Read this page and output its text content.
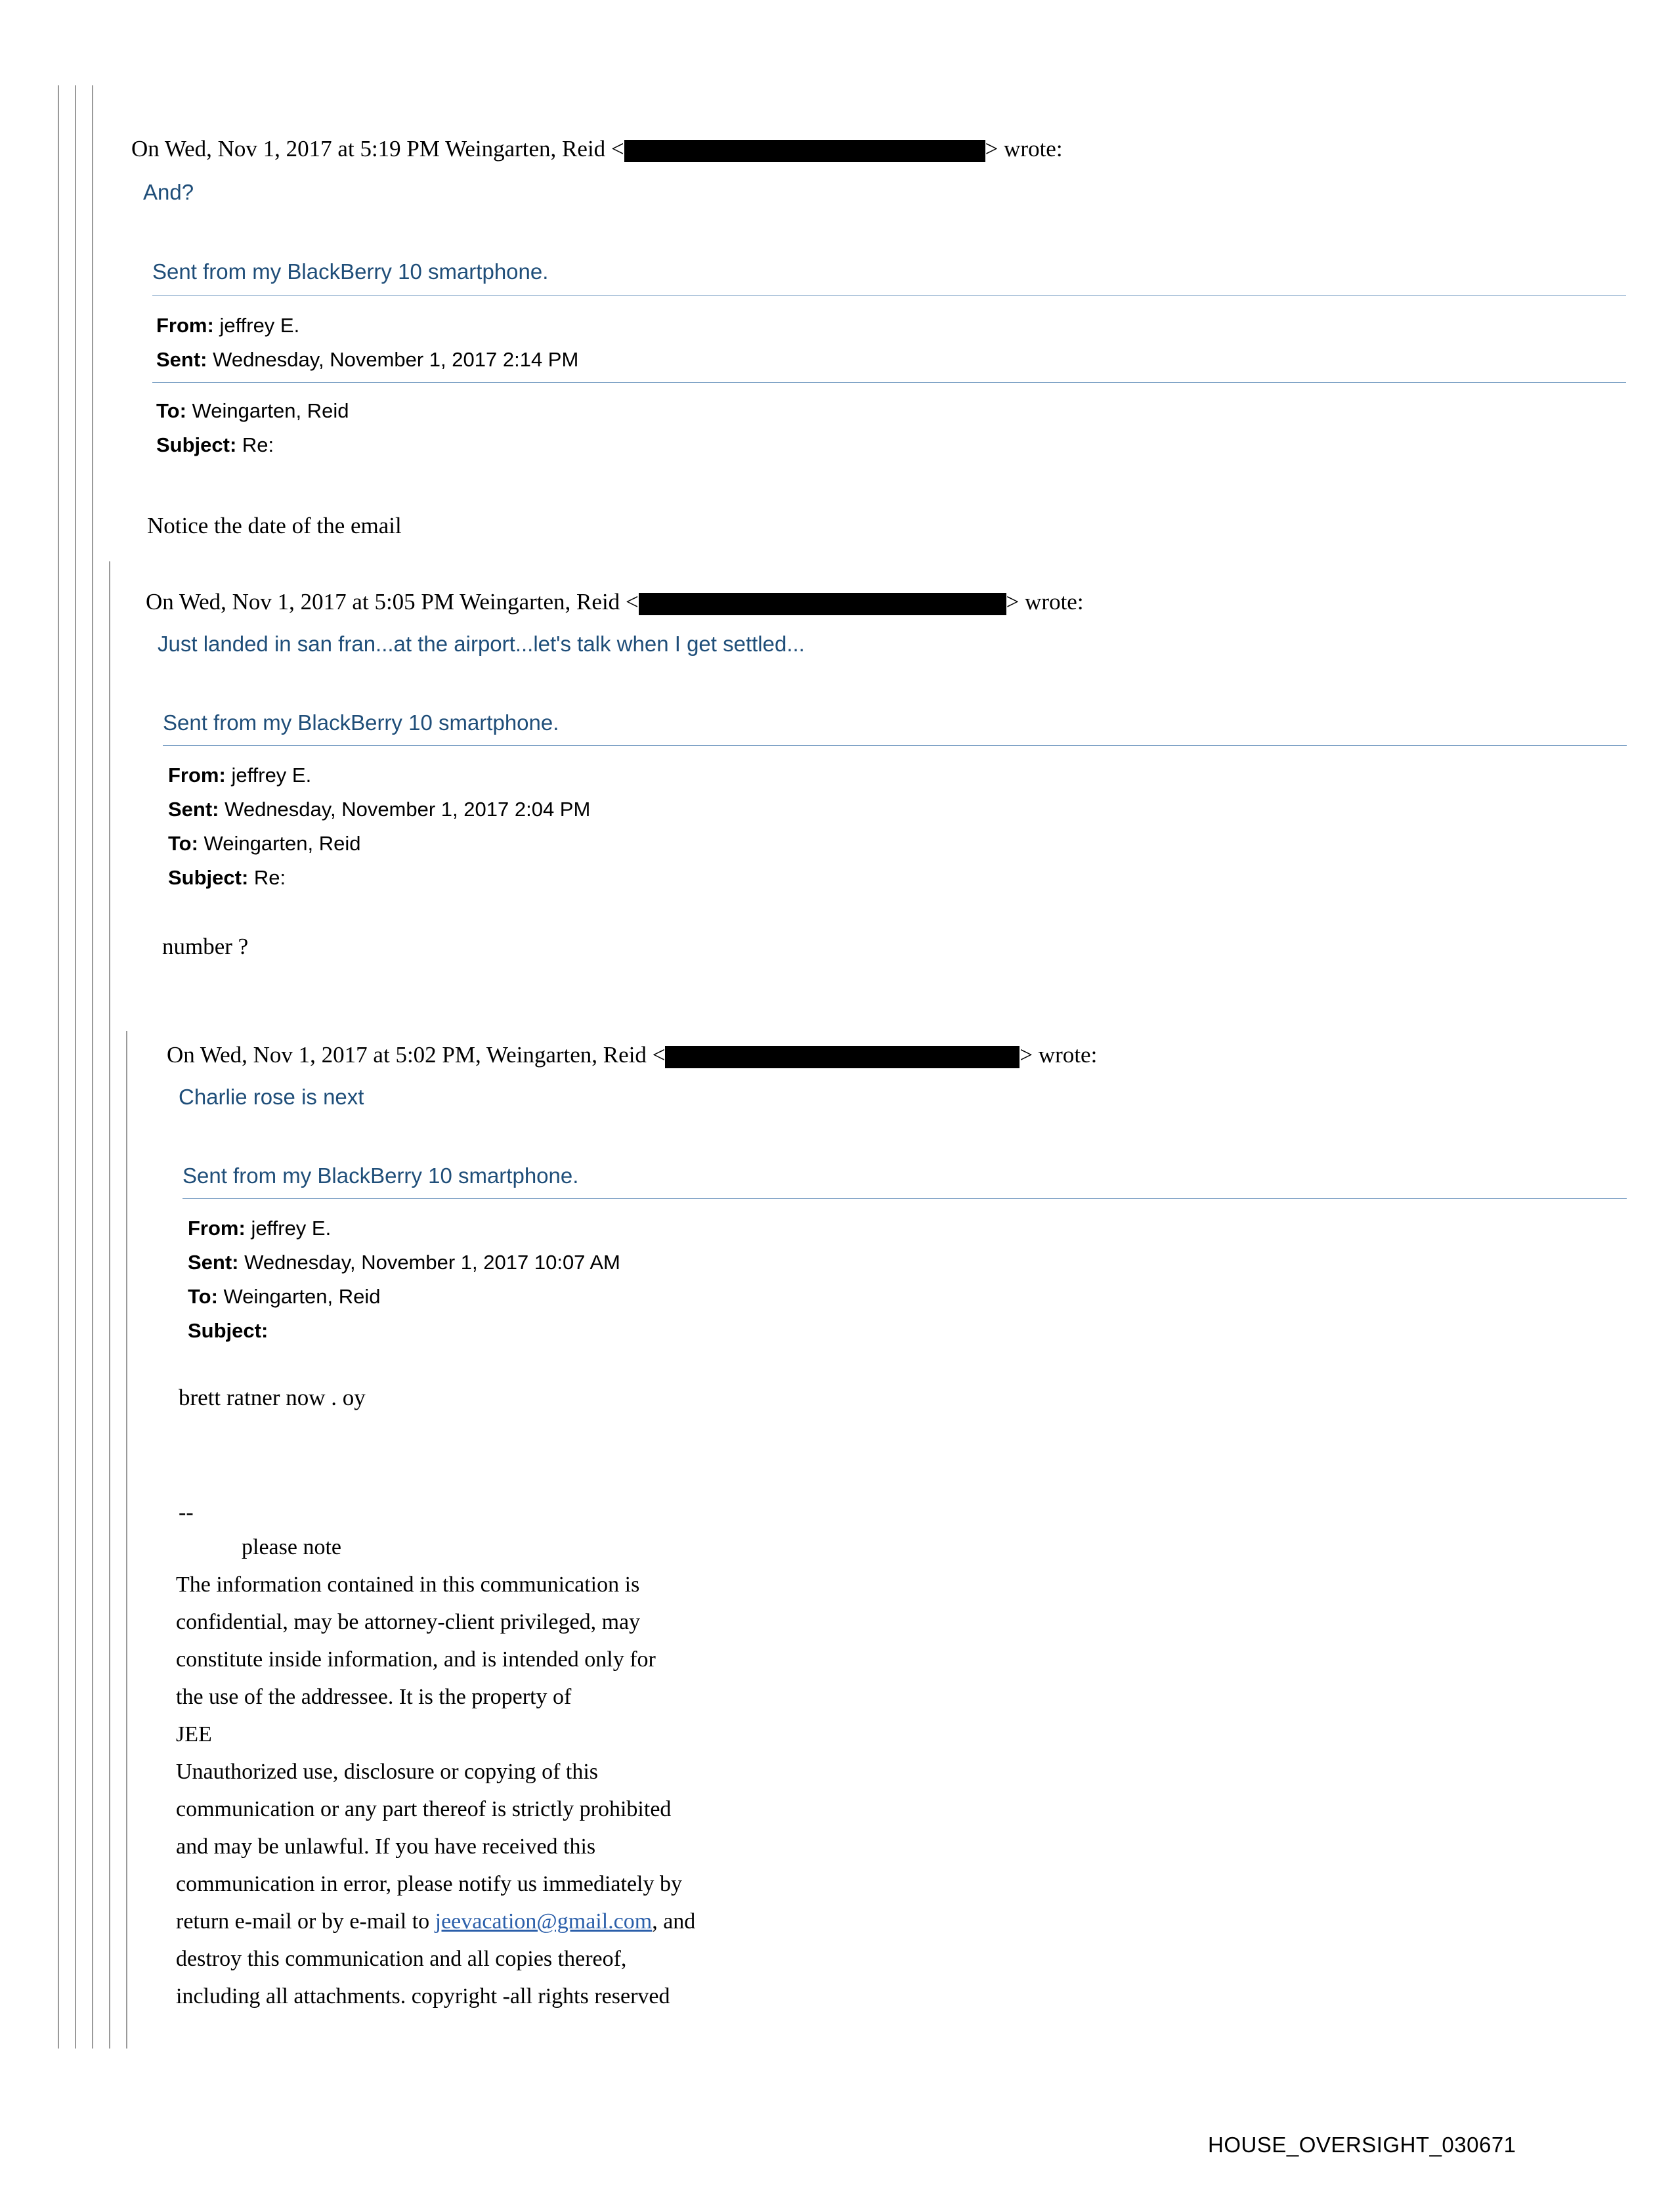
On Wed, Nov 1, 2017 at 5:19 PM Weingarten, Reid <	> wrote:
And?
Sent from my BlackBerry 10 smartphone.
From: jeffrey E.
Sent: Wednesday, November 1, 2017 2:14 PM
To: Weingarten, Reid
Subject: Re:
Notice the date of the email
On Wed, Nov 1, 2017 at 5:05 PM Weingarten, Reid <	> wrote:
Just landed in san fran...at the airport...let's talk when I get settled...
Sent from my BlackBerry 10 smartphone.
From: jeffrey E.
Sent: Wednesday, November 1, 2017 2:04 PM
To: Weingarten, Reid
Subject: Re:
number ?
On Wed, Nov 1, 2017 at 5:02 PM, Weingarten, Reid <	> wrote:
Charlie rose is next
Sent from my BlackBerry 10 smartphone.
From: jeffrey E.
Sent: Wednesday, November 1, 2017 10:07 AM
To: Weingarten, Reid
Subject:
brett ratner now . oy
--
please note
The information contained in this communication is
confidential, may be attorney-client privileged, may
constitute inside information, and is intended only for
the use of the addressee. It is the property of
JEE
Unauthorized use, disclosure or copying of this
communication or any part thereof is strictly prohibited
and may be unlawful. If you have received this
communication in error, please notify us immediately by
return e-mail or by e-mail to jeevacation@gmail.com, and
destroy this communication and all copies thereof,
including all attachments. copyright -all rights reserved
HOUSE_OVERSIGHT_030671
